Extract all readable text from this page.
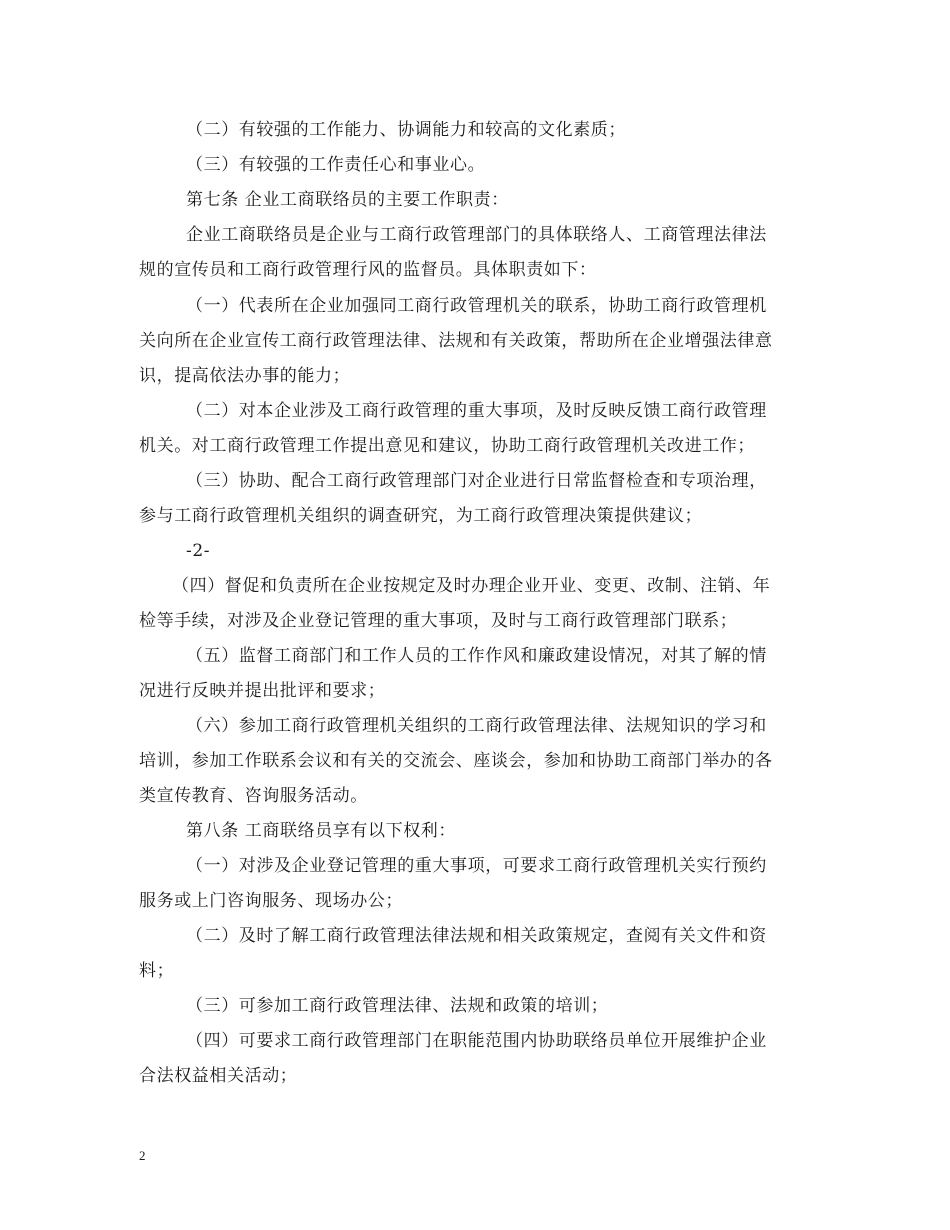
（二）有较强的工作能力、协调能力和较高的文化素质；
（三）有较强的工作责任心和事业心。
第七条 企业工商联络员的主要工作职责：
企业工商联络员是企业与工商行政管理部门的具体联络人、工商管理法律法
规的宣传员和工商行政管理行风的监督员。具体职责如下：
（一）代表所在企业加强同工商行政管理机关的联系，协助工商行政管理机
关向所在企业宣传工商行政管理法律、法规和有关政策，帮助所在企业增强法律意
识，提高依法办事的能力；
（二）对本企业涉及工商行政管理的重大事项，及时反映反馈工商行政管理
机关。对工商行政管理工作提出意见和建议，协助工商行政管理机关改进工作；
（三）协助、配合工商行政管理部门对企业进行日常监督检查和专项治理，
参与工商行政管理机关组织的调查研究，为工商行政管理决策提供建议；
-2-
（四）督促和负责所在企业按规定及时办理企业开业、变更、改制、注销、年
检等手续，对涉及企业登记管理的重大事项，及时与工商行政管理部门联系；
（五）监督工商部门和工作人员的工作作风和廉政建设情况，对其了解的情
况进行反映并提出批评和要求；
（六）参加工商行政管理机关组织的工商行政管理法律、法规知识的学习和
培训，参加工作联系会议和有关的交流会、座谈会，参加和协助工商部门举办的各
类宣传教育、咨询服务活动。
第八条 工商联络员享有以下权利：
（一）对涉及企业登记管理的重大事项，可要求工商行政管理机关实行预约
服务或上门咨询服务、现场办公；
（二）及时了解工商行政管理法律法规和相关政策规定，查阅有关文件和资
料；
（三）可参加工商行政管理法律、法规和政策的培训；
（四）可要求工商行政管理部门在职能范围内协助联络员单位开展维护企业
合法权益相关活动；
2
